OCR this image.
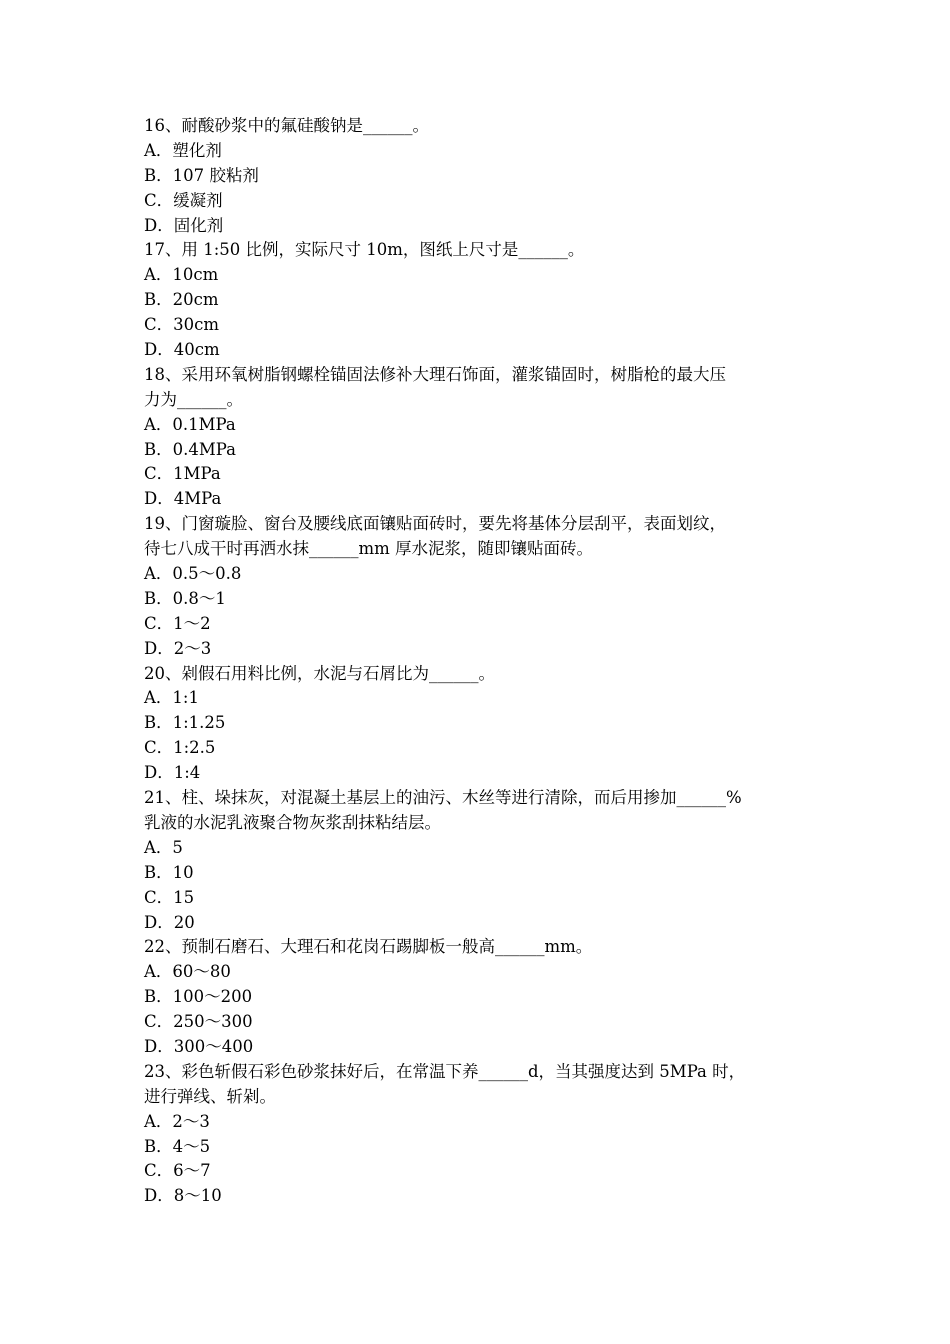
16、耐酸砂浆中的氟硅酸钠是______。
A．塑化剂
B．107 胶粘剂
C．缓凝剂
D．固化剂
17、用 1:50 比例，实际尺寸 10m，图纸上尺寸是______。
A．10cm
B．20cm
C．30cm
D．40cm
18、采用环氧树脂钢螺栓锚固法修补大理石饰面，灌浆锚固时，树脂枪的最大压
力为______。
A．0.1MPa
B．0.4MPa
C．1MPa
D．4MPa
19、门窗璇脸、窗台及腰线底面镶贴面砖时，要先将基体分层刮平，表面划纹，
待七八成干时再洒水抹______mm 厚水泥浆，随即镶贴面砖。
A．0.5～0.8
B．0.8～1
C．1～2
D．2～3
20、剁假石用料比例，水泥与石屑比为______。
A．1:1
B．1:1.25
C．1:2.5
D．1:4
21、柱、垛抹灰，对混凝土基层上的油污、木丝等进行清除，而后用掺加______%
乳液的水泥乳液聚合物灰浆刮抹粘结层。
A．5
B．10
C．15
D．20
22、预制石磨石、大理石和花岗石踢脚板一般高______mm。
A．60～80
B．100～200
C．250～300
D．300～400
23、彩色斩假石彩色砂浆抹好后，在常温下养______d，当其强度达到 5MPa 时，
进行弹线、斩剁。
A．2～3
B．4～5
C．6～7
D．8～10
